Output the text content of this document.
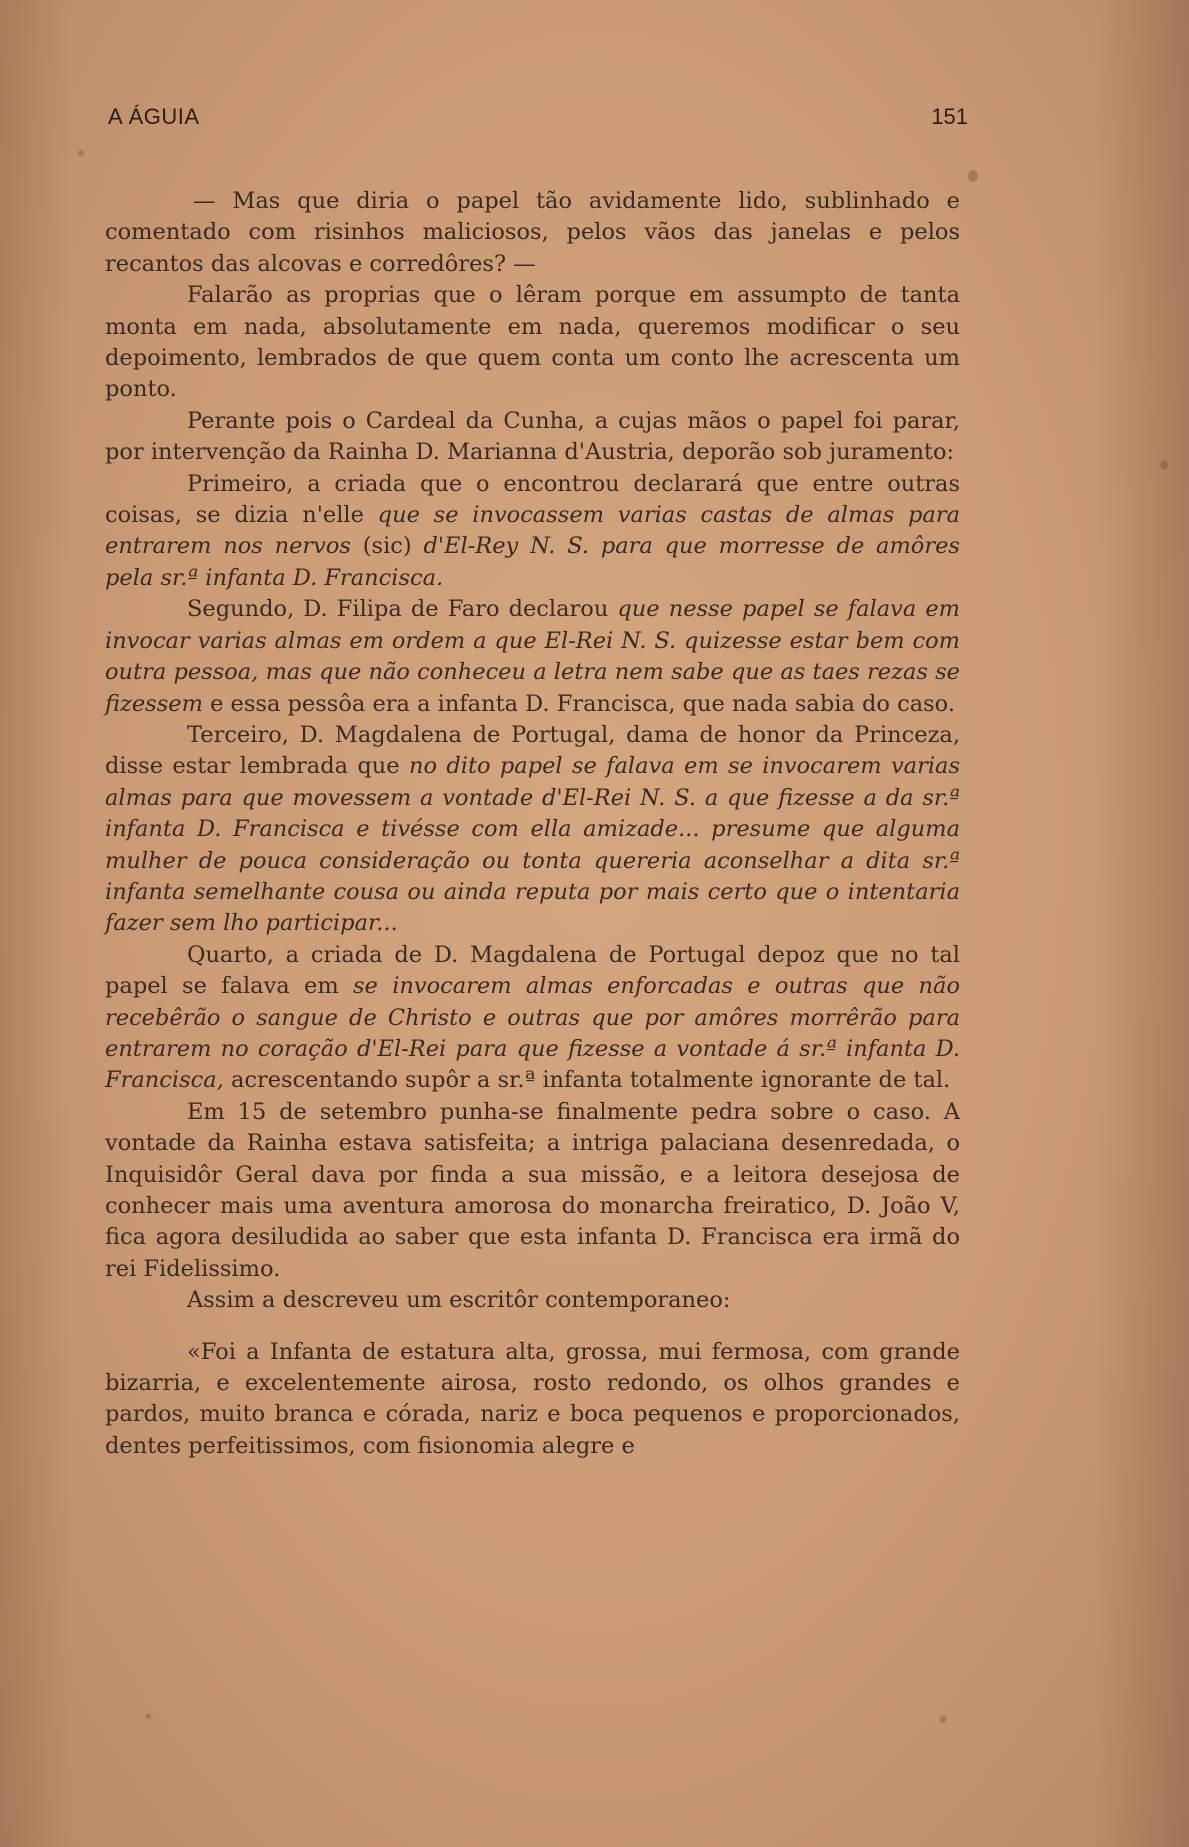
A ÁGUIA	151

— Mas que diria o papel tão avidamente lido, sublinhado e comentado com risinhos maliciosos, pelos vãos das janelas e pelos recantos das alcovas e corredôres? —

Falarão as proprias que o lêram porque em assumpto de tanta monta em nada, absolutamente em nada, queremos modificar o seu depoimento, lembrados de que quem conta um conto lhe acrescenta um ponto.

Perante pois o Cardeal da Cunha, a cujas mãos o papel foi parar, por intervenção da Rainha D. Marianna d'Austria, deporão sob juramento:

Primeiro, a criada que o encontrou declarará que entre outras coisas, se dizia n'elle que se invocassem varias castas de almas para entrarem nos nervos (sic) d'El-Rey N. S. para que morresse de amôres pela sr.ª infanta D. Francisca.

Segundo, D. Filipa de Faro declarou que nesse papel se falava em invocar varias almas em ordem a que El-Rei N. S. quizesse estar bem com outra pessoa, mas que não conheceu a letra nem sabe que as taes rezas se fizessem e essa pessôa era a infanta D. Francisca, que nada sabia do caso.

Terceiro, D. Magdalena de Portugal, dama de honor da Princeza, disse estar lembrada que no dito papel se falava em se invocarem varias almas para que movessem a vontade d'El-Rei N. S. a que fizesse a da sr.ª infanta D. Francisca e tivésse com ella amizade... presume que alguma mulher de pouca consideração ou tonta quereria aconselhar a dita sr.ª infanta semelhante cousa ou ainda reputa por mais certo que o intentaria fazer sem lho participar...

Quarto, a criada de D. Magdalena de Portugal depoz que no tal papel se falava em se invocarem almas enforcadas e outras que não recebêrão o sangue de Christo e outras que por amôres morrêrão para entrarem no coração d'El-Rei para que fizesse a vontade á sr.ª infanta D. Francisca, acrescentando supôr a sr.ª infanta totalmente ignorante de tal.

Em 15 de setembro punha-se finalmente pedra sobre o caso. A vontade da Rainha estava satisfeita; a intriga palaciana desenredada, o Inquisidôr Geral dava por finda a sua missão, e a leitora desejosa de conhecer mais uma aventura amorosa do monarcha freiratico, D. João V, fica agora desiludida ao saber que esta infanta D. Francisca era irmã do rei Fidelissimo.

Assim a descreveu um escritôr contemporaneo:

«Foi a Infanta de estatura alta, grossa, mui fermosa, com grande bizarria, e excelentemente airosa, rosto redondo, os olhos grandes e pardos, muito branca e córada, nariz e boca pequenos e proporcionados, dentes perfeitissimos, com fisionomia alegre e
